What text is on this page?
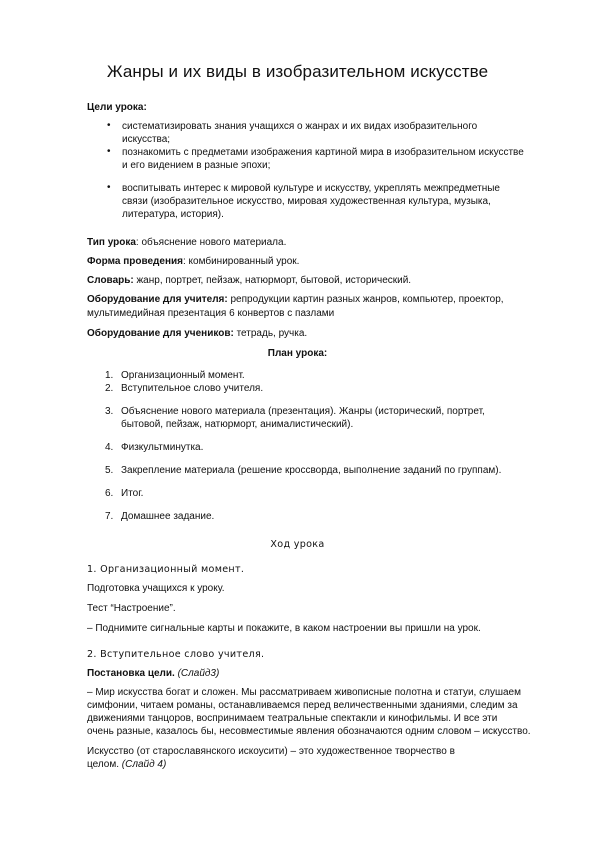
Жанры и их виды в изобразительном искусстве
Цели урока:
• систематизировать знания учащихся о жанрах и их видах изобразительного
искусства;
• познакомить с предметами изображения картиной мира в изобразительном искусстве
и его видением в разные эпохи;
• воспитывать интерес к мировой культуре и искусству, укреплять межпредметные
связи (изобразительное искусство, мировая художественная культура, музыка,
литература, история).
Тип урока: объяснение нового материала.
Форма проведения: комбинированный урок.
Словарь: жанр, портрет, пейзаж, натюрморт, бытовой, исторический.
Оборудование для учителя: репродукции картин разных жанров, компьютер, проектор,
мультимедийная презентация 6 конвертов с пазлами
Оборудование для учеников: тетрадь, ручка.
План урока:
1. Организационный момент.
2. Вступительное слово учителя.
3. Объяснение нового материала (презентация). Жанры (исторический, портрет,
бытовой, пейзаж, натюрморт, анималистический).
4. Физкультминутка.
5. Закрепление материала (решение кроссворда, выполнение заданий по группам).
6. Итог.
7. Домашнее задание.
Ход урока
1. Организационный момент.
Подготовка учащихся к уроку.
Тест “Настроение”.
– Поднимите сигнальные карты и покажите, в каком настроении вы пришли на урок.
2. Вступительное слово учителя.
Постановка цели. (Слайд3)
– Мир искусства богат и сложен. Мы рассматриваем живописные полотна и статуи, слушаем
симфонии, читаем романы, останавливаемся перед величественными зданиями, следим за
движениями танцоров, воспринимаем театральные спектакли и кинофильмы. И все эти
очень разные, казалось бы, несовместимые явления обозначаются одним словом – искусство.
Искусство (от старославянского искоусити) – это художественное творчество в
целом. (Слайд 4)
